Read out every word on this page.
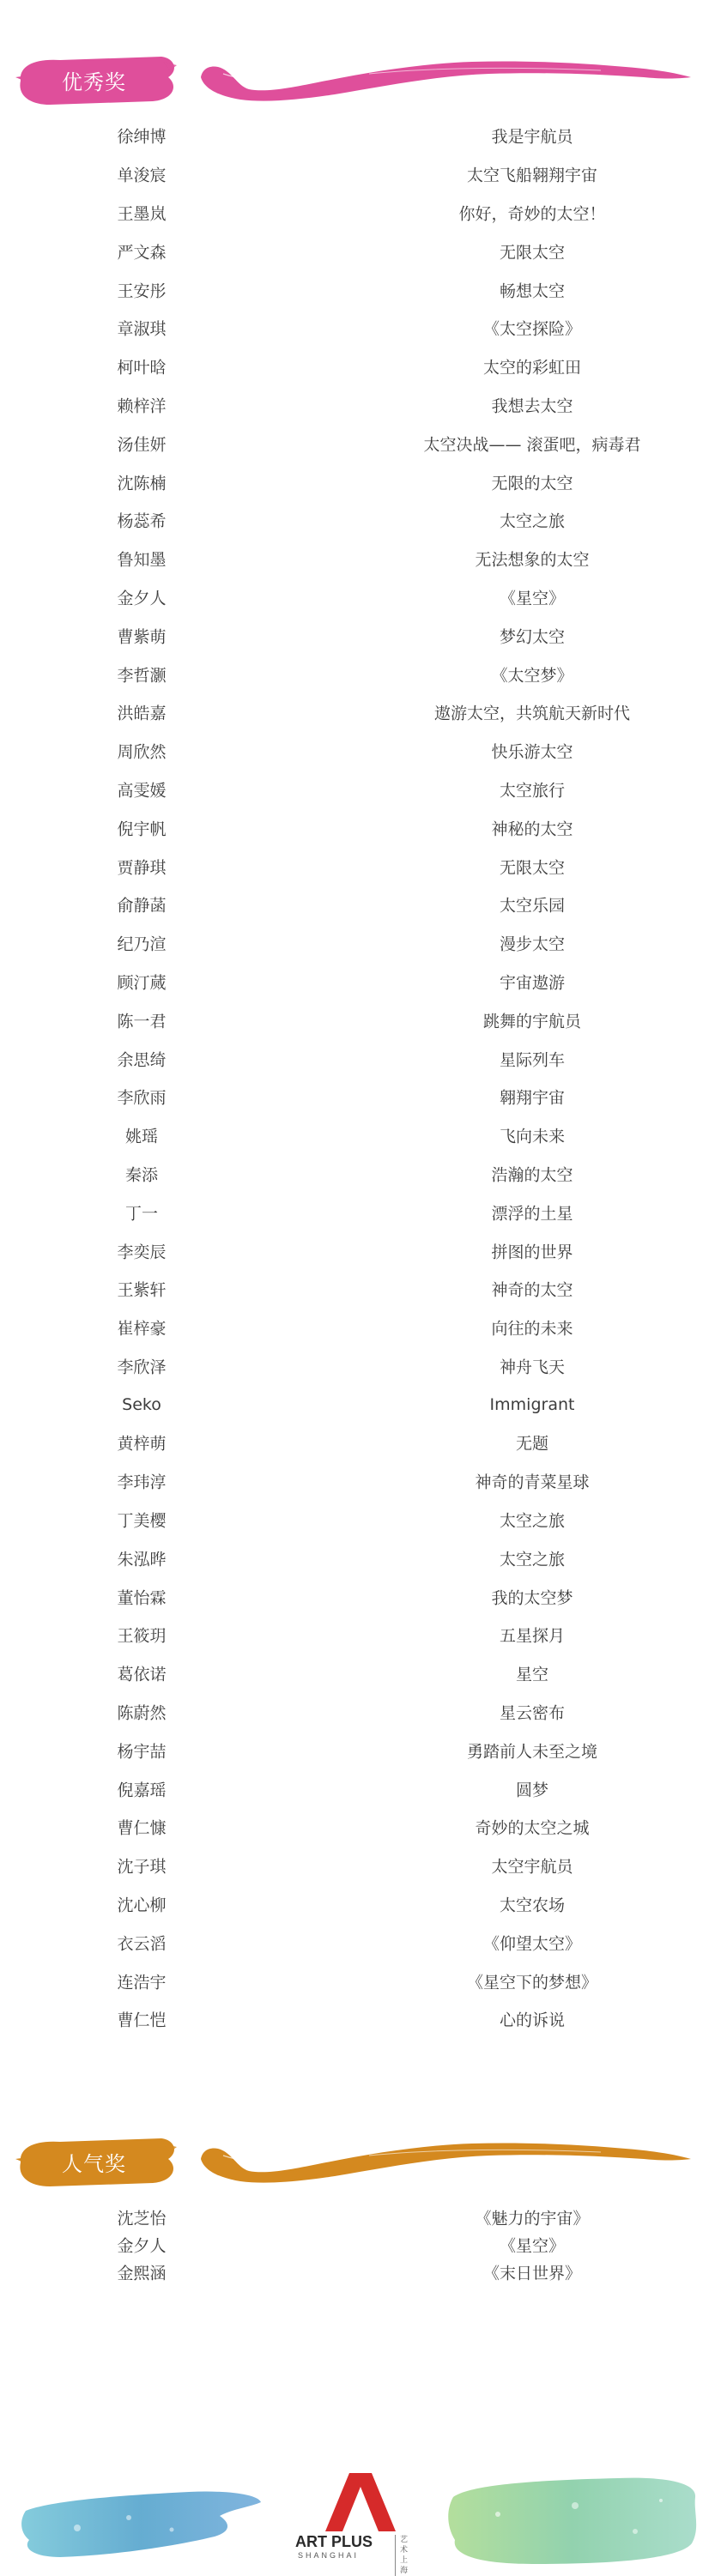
优秀奖
徐绅博	我是宇航员
单浚宸	太空飞船翱翔宇宙
王墨岚	你好，奇妙的太空！
严文森	无限太空
王安彤	畅想太空
章淑琪	《太空探险》
柯叶晗	太空的彩虹田
赖梓洋	我想去太空
汤佳妍	太空决战—— 滚蛋吧，病毒君
沈陈楠	无限的太空
杨蕊希	太空之旅
鲁知墨	无法想象的太空
金夕人	《星空》
曹紫萌	梦幻太空
李哲灏	《太空梦》
洪皓嘉	遨游太空，共筑航天新时代
周欣然	快乐游太空
高雯媛	太空旅行
倪宇帆	神秘的太空
贾静琪	无限太空
俞静菡	太空乐园
纪乃渲	漫步太空
顾汀蒇	宇宙遨游
陈一君	跳舞的宇航员
余思绮	星际列车
李欣雨	翱翔宇宙
姚瑶	飞向未来
秦添	浩瀚的太空
丁一	漂浮的土星
李奕辰	拼图的世界
王紫轩	神奇的太空
崔梓豪	向往的未来
李欣泽	神舟飞天
Seko	Immigrant
黄梓萌	无题
李玮淳	神奇的青菜星球
丁美樱	太空之旅
朱泓晔	太空之旅
董怡霖	我的太空梦
王筱玥	五星探月
葛依诺	星空
陈蔚然	星云密布
杨宇喆	勇踏前人未至之境
倪嘉瑶	圆梦
曹仁慷	奇妙的太空之城
沈子琪	太空宇航员
沈心柳	太空农场
衣云滔	《仰望太空》
连浩宇	《星空下的梦想》
曹仁恺	心的诉说
人气奖
沈芝怡	《魅力的宇宙》
金夕人	《星空》
金熙涵	《末日世界》
ART PLUS
SHANGHAI
艺术上海
